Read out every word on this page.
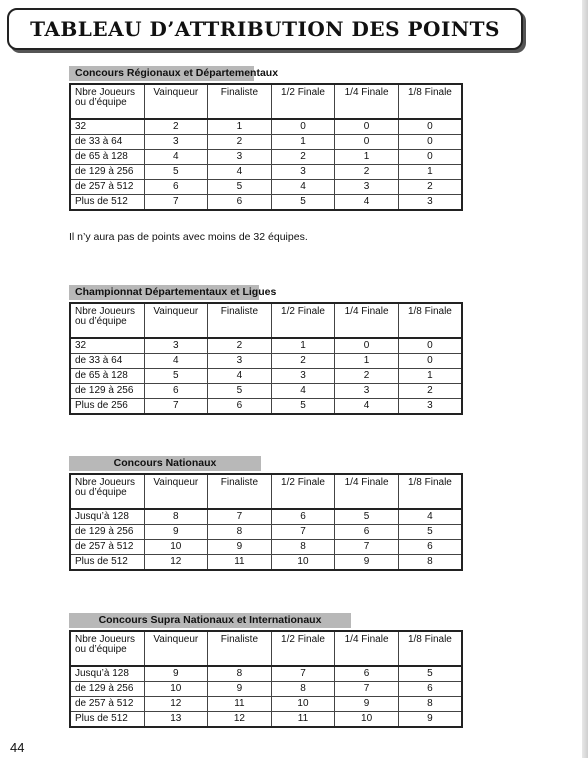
TABLEAU D’ATTRIBUTION DES POINTS
Concours Régionaux et Départementaux
Nbre Joueurs ou d’équipe	Vainqueur	Finaliste	1/2 Finale	1/4 Finale	1/8 Finale
32	2	1	0	0	0
de 33 à 64	3	2	1	0	0
de 65 à 128	4	3	2	1	0
de 129 à 256	5	4	3	2	1
de 257 à 512	6	5	4	3	2
Plus de 512	7	6	5	4	3
Il n’y aura pas de points avec moins de 32 équipes.
Championnat Départementaux et Ligues
Nbre Joueurs ou d’équipe	Vainqueur	Finaliste	1/2 Finale	1/4 Finale	1/8 Finale
32	3	2	1	0	0
de 33 à 64	4	3	2	1	0
de 65 à 128	5	4	3	2	1
de 129 à 256	6	5	4	3	2
Plus de 256	7	6	5	4	3
Concours Nationaux
Nbre Joueurs ou d’équipe	Vainqueur	Finaliste	1/2 Finale	1/4 Finale	1/8 Finale
Jusqu’à 128	8	7	6	5	4
de 129 à 256	9	8	7	6	5
de 257 à 512	10	9	8	7	6
Plus de 512	12	11	10	9	8
Concours Supra Nationaux et Internationaux
Nbre Joueurs ou d’équipe	Vainqueur	Finaliste	1/2 Finale	1/4 Finale	1/8 Finale
Jusqu’à 128	9	8	7	6	5
de 129 à 256	10	9	8	7	6
de 257 à 512	12	11	10	9	8
Plus de 512	13	12	11	10	9
44
